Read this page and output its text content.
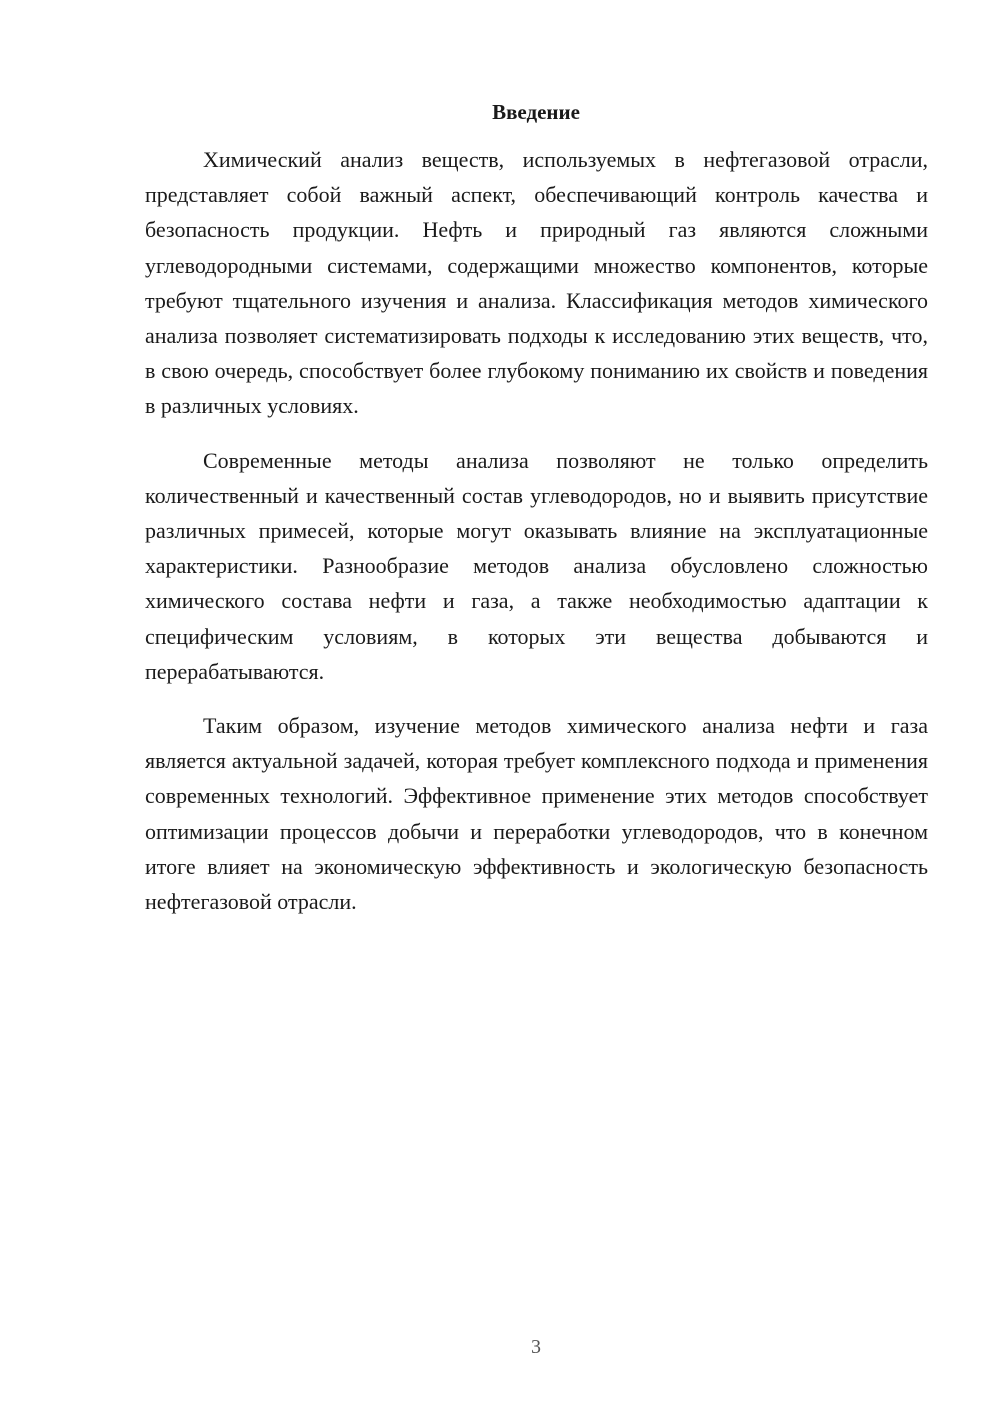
Введение

Химический анализ веществ, используемых в нефтегазовой отрасли, представляет собой важный аспект, обеспечивающий контроль качества и безопасность продукции. Нефть и природный газ являются сложными углеводородными системами, содержащими множество компонентов, которые требуют тщательного изучения и анализа. Классификация методов химического анализа позволяет систематизировать подходы к исследованию этих веществ, что, в свою очередь, способствует более глубокому пониманию их свойств и поведения в различных условиях.

Современные методы анализа позволяют не только определить количественный и качественный состав углеводородов, но и выявить присутствие различных примесей, которые могут оказывать влияние на эксплуатационные характеристики. Разнообразие методов анализа обусловлено сложностью химического состава нефти и газа, а также необходимостью адаптации к специфическим условиям, в которых эти вещества добываются и перерабатываются.

Таким образом, изучение методов химического анализа нефти и газа является актуальной задачей, которая требует комплексного подхода и применения современных технологий. Эффективное применение этих методов способствует оптимизации процессов добычи и переработки углеводородов, что в конечном итоге влияет на экономическую эффективность и экологическую безопасность нефтегазовой отрасли.

3
